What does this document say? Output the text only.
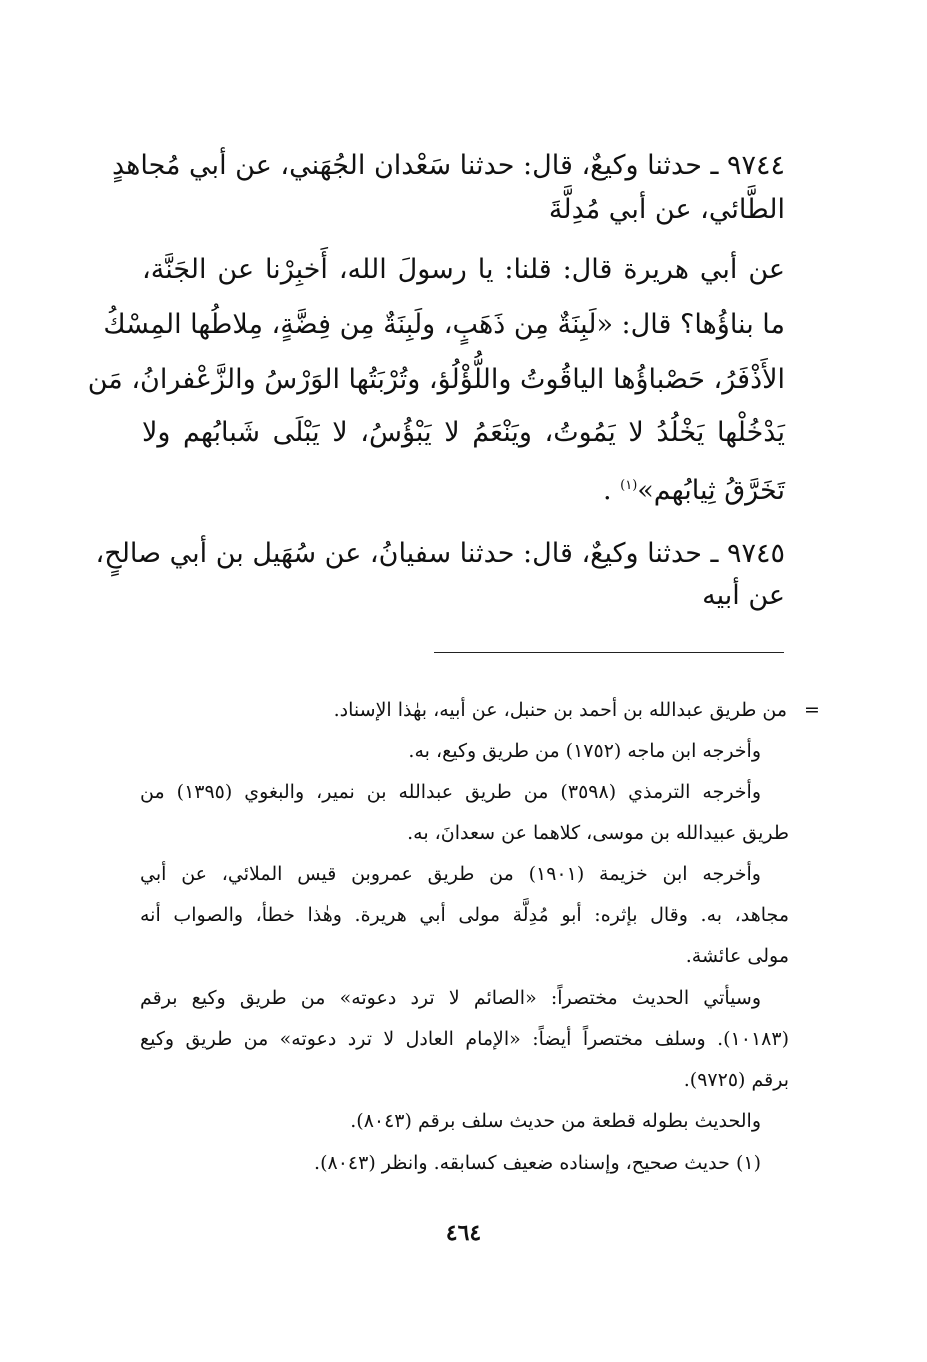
٩٧٤٤ ـ حدثنا وكيعٌ، قال: حدثنا سَعْدان الجُهَني، عن أبي مُجاهدٍ

الطَّائي، عن أبي مُدِلَّةَ

عن أبي هريرة قال: قلنا: يا رسولَ الله، أَخبِرْنا عن الجَنَّة،

ما بناؤُها؟ قال: «لَبِنَةٌ مِن ذَهَبٍ، ولَبِنَةٌ مِن فِضَّةٍ، مِلاطُها المِسْكُ

الأَذْفَرُ، حَصْباؤُها الياقُوتُ واللُّؤْلُؤ، وتُرْبَتُها الوَرْسُ والزَّعْفرانُ، مَن

يَدْخُلْها يَخْلُدُ لا يَمُوتُ، ويَنْعَمُ لا يَبْؤُسُ، لا يَبْلَى شَبابُهم ولا

تَخَرَّقُ ثِيابُهم»$^{(١)}$ .

٩٧٤٥ ـ حدثنا وكيعٌ، قال: حدثنا سفيانُ، عن سُهَيل بن أبي صالحٍ،

عن أبيه

=

من طريق عبدالله بن أحمد بن حنبل، عن أبيه، بهٰذا الإسناد.

وأخرجه ابن ماجه (١٧٥٢) من طريق وكيع، به.

وأخرجه الترمذي (٣٥٩٨) من طريق عبدالله بن نمير، والبغوي (١٣٩٥) من

طريق عبيدالله بن موسى، كلاهما عن سعدانَ، به.

وأخرجه ابن خزيمة (١٩٠١) من طريق عمروبن قيس الملائي، عن أبي

مجاهد، به. وقال بإثره: أبو مُدِلَّة مولى أبي هريرة. وهٰذا خطأ، والصواب أنه

مولى عائشة.

وسيأتي الحديث مختصراً: «الصائم لا ترد دعوته» من طريق وكيع برقم

(١٠١٨٣). وسلف مختصراً أيضاً: «الإمام العادل لا ترد دعوته» من طريق وكيع

برقم (٩٧٢٥).

والحديث بطوله قطعة من حديث سلف برقم (٨٠٤٣).

(١) حديث صحيح، وإسناده ضعيف كسابقه. وانظر (٨٠٤٣).

٤٦٤
